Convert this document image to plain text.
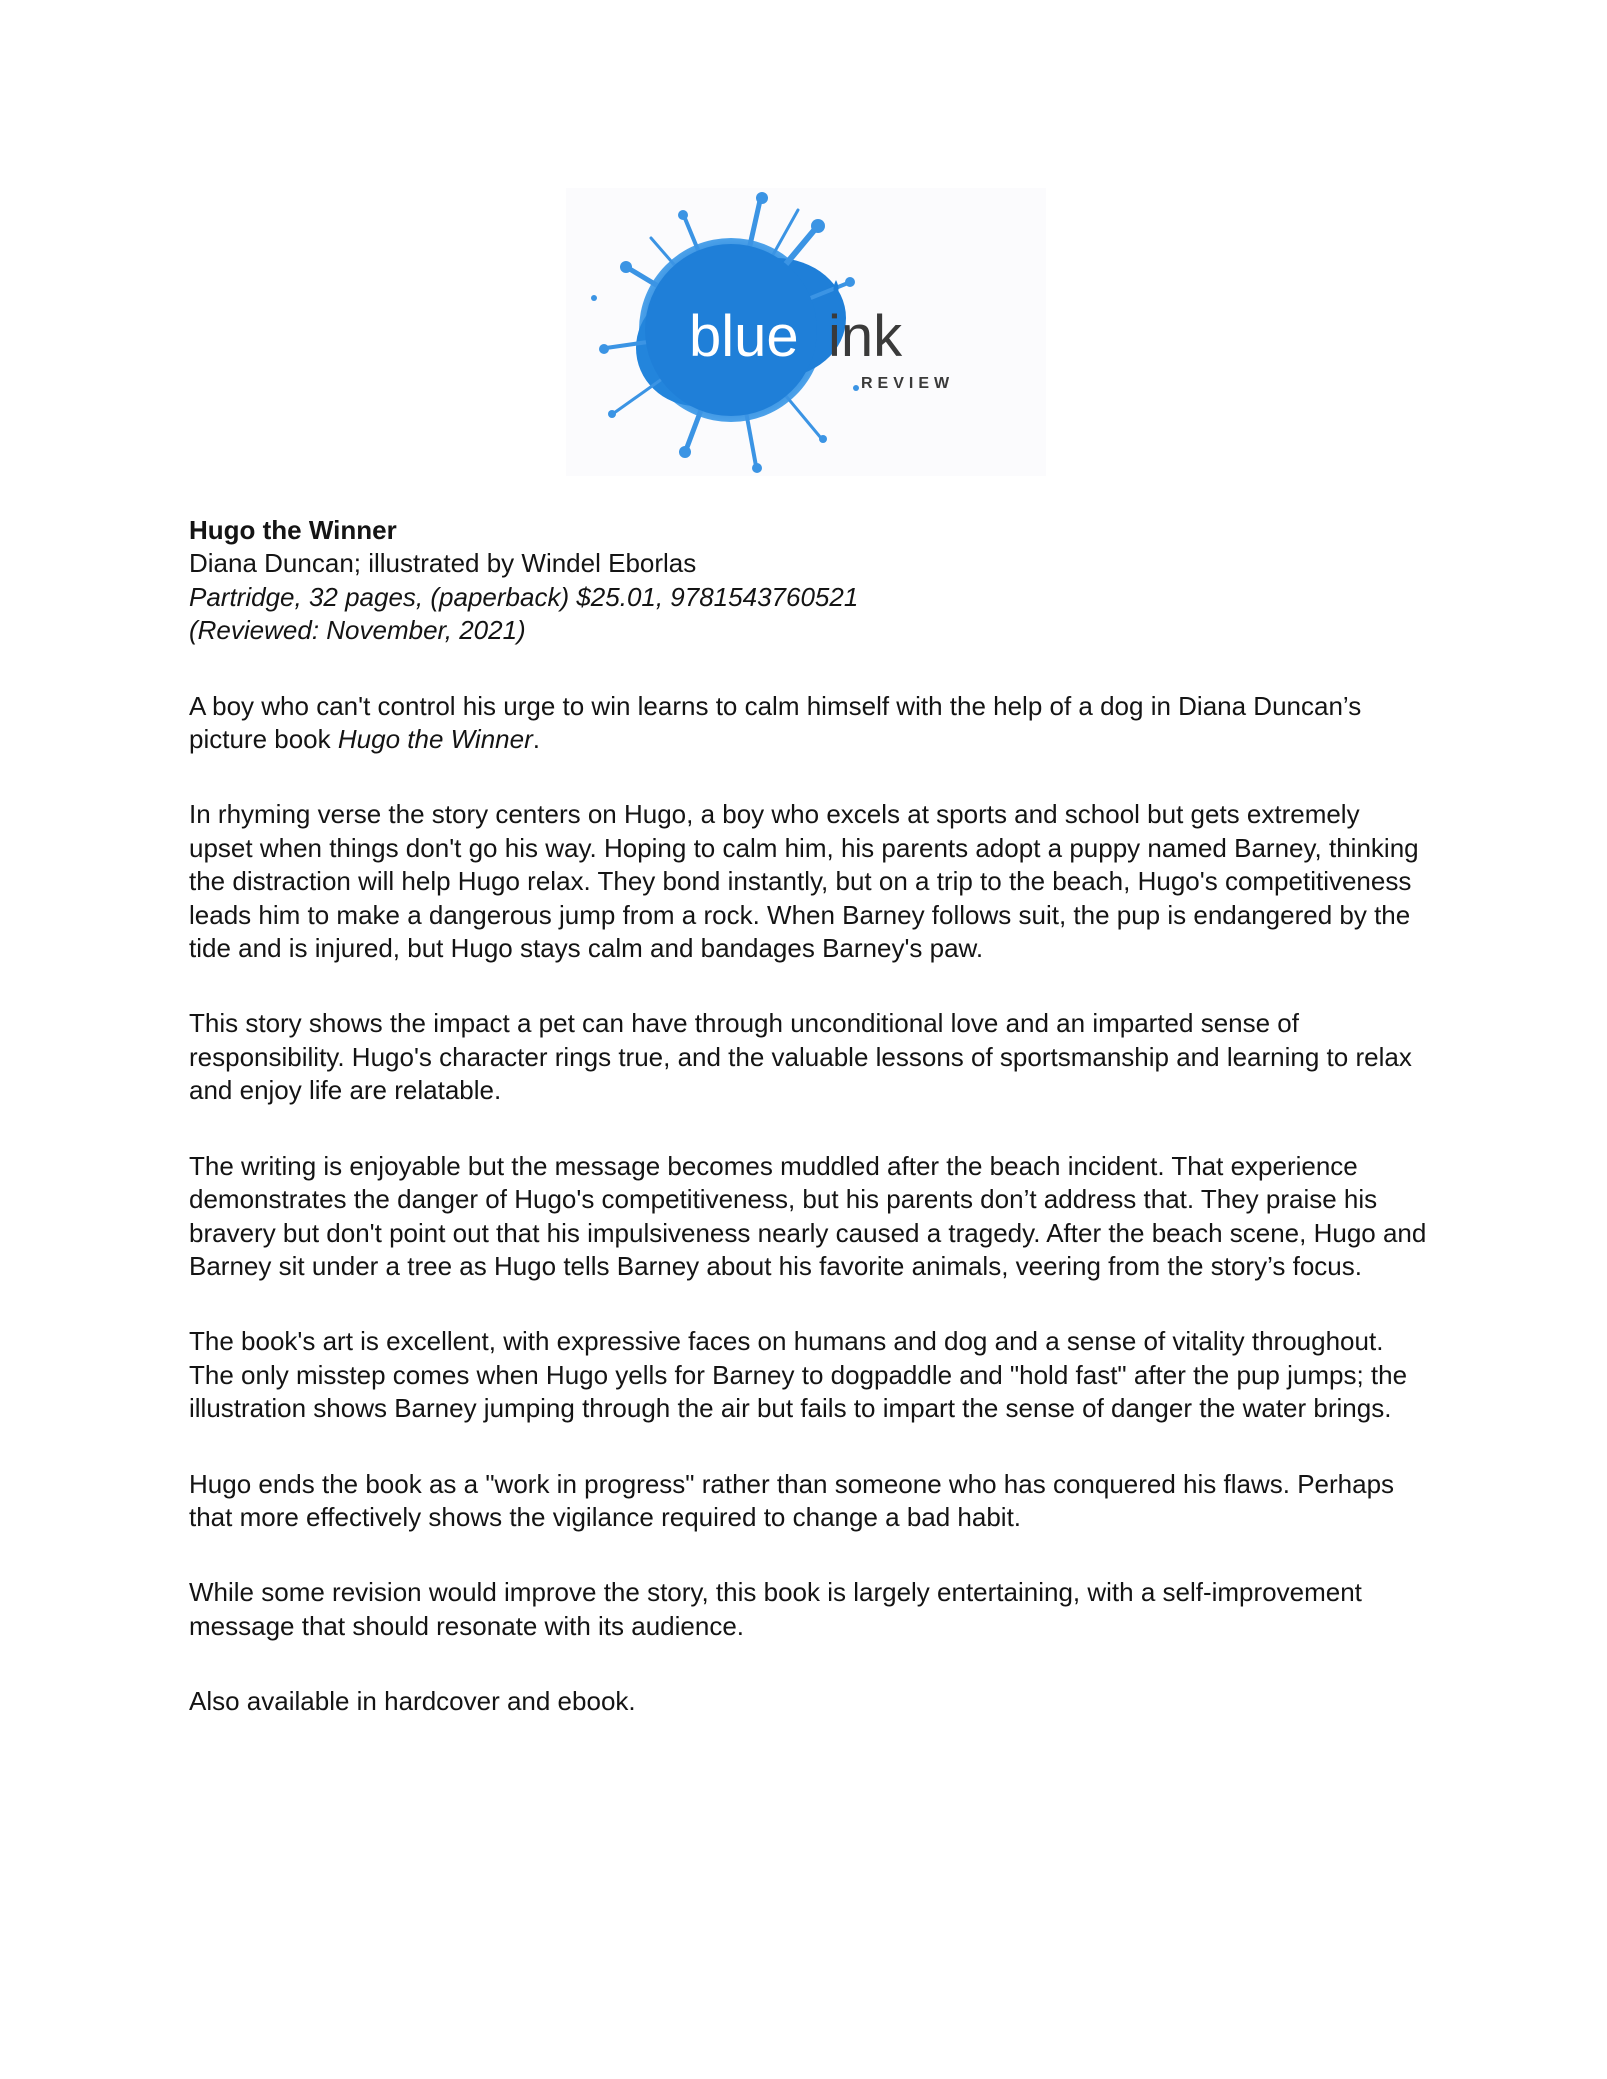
blue ink
REVIEW

Hugo the Winner

Diana Duncan; illustrated by Windel Eborlas

Partridge, 32 pages, (paperback) $25.01, 9781543760521

(Reviewed: November, 2021)

A boy who can't control his urge to win learns to calm himself with the help of a dog in Diana Duncan’s picture book Hugo the Winner.

In rhyming verse the story centers on Hugo, a boy who excels at sports and school but gets extremely upset when things don't go his way. Hoping to calm him, his parents adopt a puppy named Barney, thinking the distraction will help Hugo relax. They bond instantly, but on a trip to the beach, Hugo's competitiveness leads him to make a dangerous jump from a rock. When Barney follows suit, the pup is endangered by the tide and is injured, but Hugo stays calm and bandages Barney's paw.

This story shows the impact a pet can have through unconditional love and an imparted sense of responsibility. Hugo's character rings true, and the valuable lessons of sportsmanship and learning to relax and enjoy life are relatable.

The writing is enjoyable but the message becomes muddled after the beach incident. That experience demonstrates the danger of Hugo's competitiveness, but his parents don’t address that. They praise his bravery but don't point out that his impulsiveness nearly caused a tragedy. After the beach scene, Hugo and Barney sit under a tree as Hugo tells Barney about his favorite animals, veering from the story’s focus.

The book's art is excellent, with expressive faces on humans and dog and a sense of vitality throughout. The only misstep comes when Hugo yells for Barney to dogpaddle and "hold fast" after the pup jumps; the illustration shows Barney jumping through the air but fails to impart the sense of danger the water brings.

Hugo ends the book as a "work in progress" rather than someone who has conquered his flaws. Perhaps that more effectively shows the vigilance required to change a bad habit.

While some revision would improve the story, this book is largely entertaining, with a self-improvement message that should resonate with its audience.

Also available in hardcover and ebook.
